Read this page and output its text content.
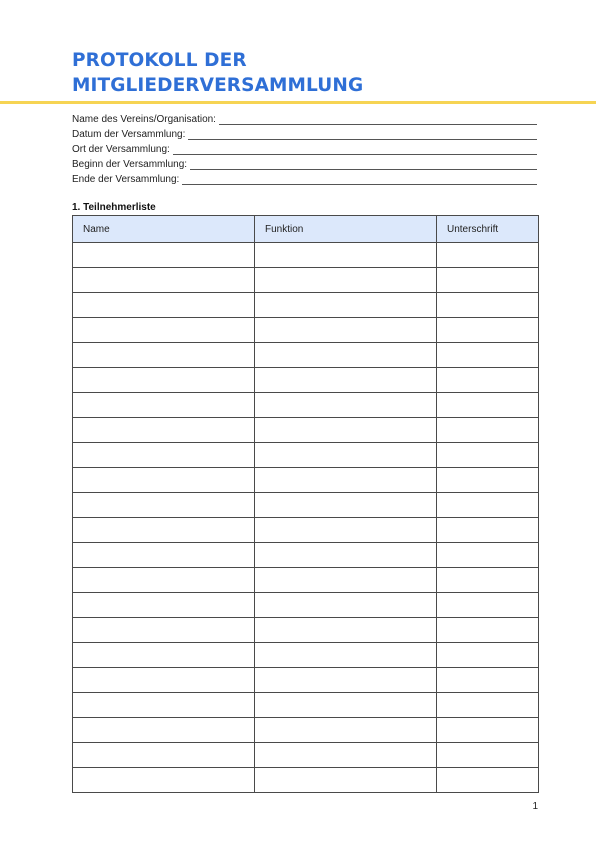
PROTOKOLL DER MITGLIEDERVERSAMMLUNG
Name des Vereins/Organisation:
Datum der Versammlung:
Ort der Versammlung:
Beginn der Versammlung:
Ende der Versammlung:
1. Teilnehmerliste
Name	Funktion	Unterschrift

1
